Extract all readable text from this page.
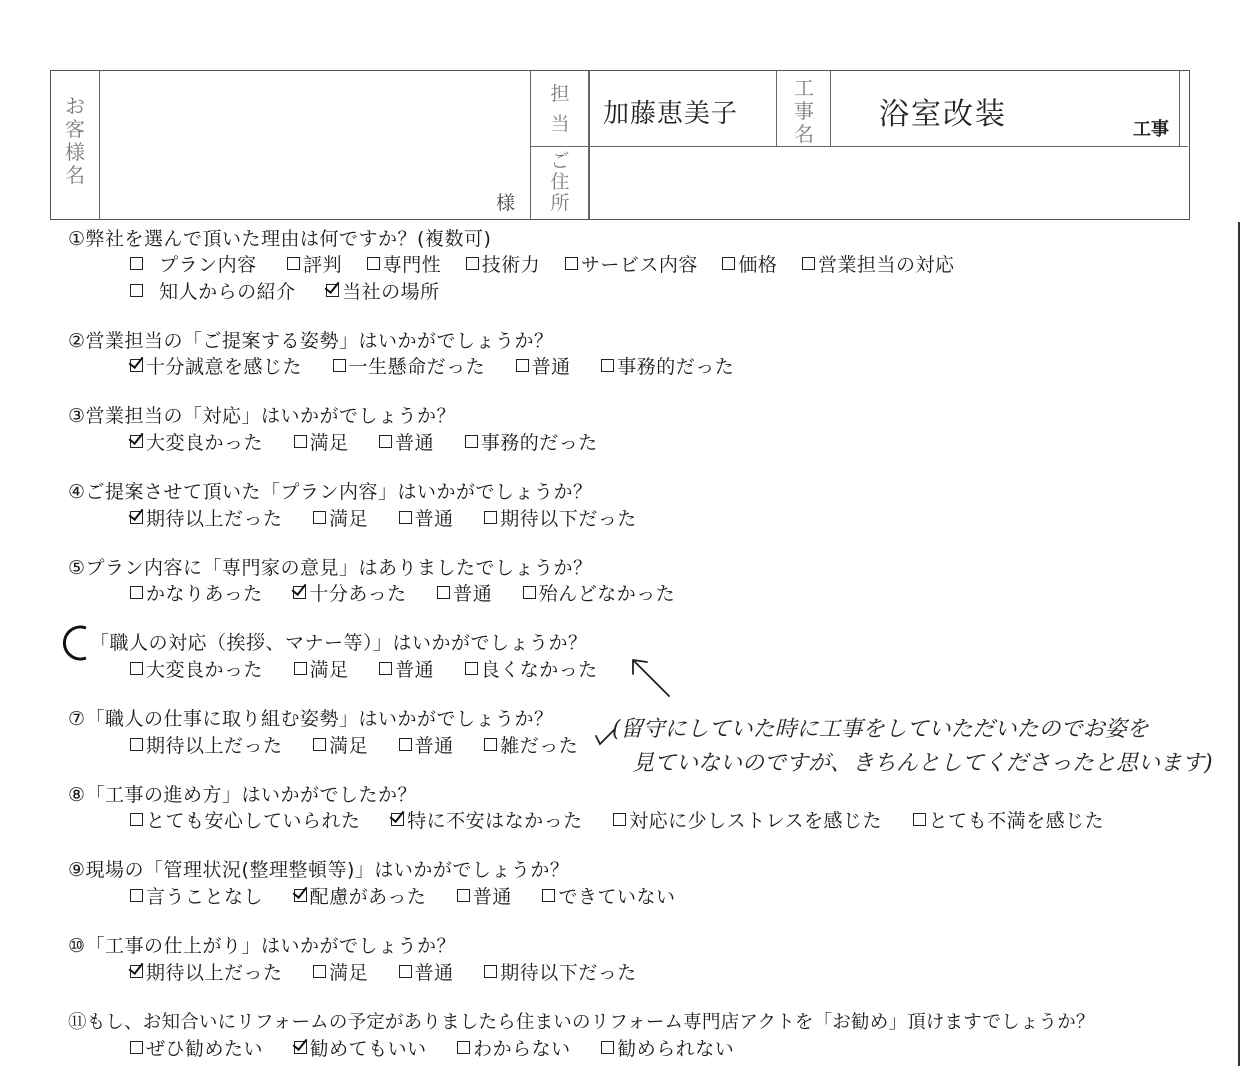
お客様名
様
担当 加藤恵美子
工事名
浴室改装	工事
ご住所
①弊社を選んで頂いた理由は何ですか？(複数可)
プラン内容 評判 専門性 技術力 サービス内容 価格 営業担当の対応
知人からの紹介 当社の場所
②営業担当の「ご提案する姿勢」はいかがでしょうか？
十分誠意を感じた 一生懸命だった 普通 事務的だった
③営業担当の「対応」はいかがでしょうか？
大変良かった 満足 普通 事務的だった
④ご提案させて頂いた「プラン内容」はいかがでしょうか？
期待以上だった 満足 普通 期待以下だった
⑤プラン内容に「専門家の意見」はありましたでしょうか？
かなりあった 十分あった 普通 殆んどなかった
「職人の対応（挨拶、マナー等）」はいかがでしょうか？
大変良かった 満足 普通 良くなかった
⑦「職人の仕事に取り組む姿勢」はいかがでしょうか？
期待以上だった 満足 普通 雑だった
(留守にしていた時に工事をしていただいたのでお姿を
見ていないのですが、きちんとしてくださったと思います)
⑧「工事の進め方」はいかがでしたか？
とても安心していられた 特に不安はなかった 対応に少しストレスを感じた とても不満を感じた
⑨現場の「管理状況(整理整頓等)」はいかがでしょうか？
言うことなし 配慮があった 普通 できていない
⑩「工事の仕上がり」はいかがでしょうか？
期待以上だった 満足 普通 期待以下だった
⑪もし、お知合いにリフォームの予定がありましたら住まいのリフォーム専門店アクトを「お勧め」頂けますでしょうか？
ぜひ勧めたい 勧めてもいい わからない 勧められない
